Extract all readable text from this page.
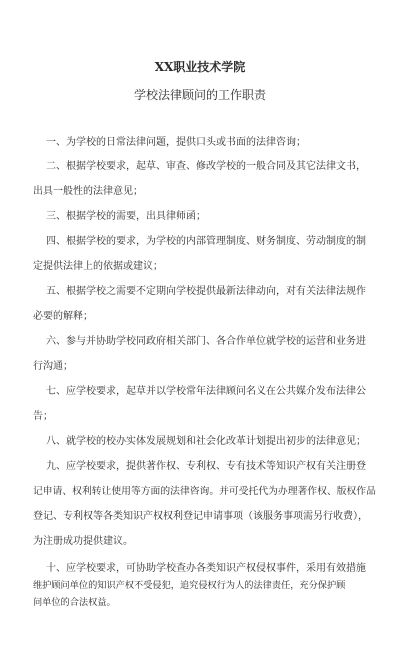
XX职业技术学院
学校法律顾问的工作职责
一、为学校的日常法律问题，提供口头或书面的法律咨询；
二、根据学校要求，起草、审查、修改学校的一般合同及其它法律文书，
出具一般性的法律意见；
三、根据学校的需要，出具律师函；
四、根据学校的要求，为学校的内部管理制度、财务制度、劳动制度的制
定提供法律上的依据或建议；
五、根据学校之需要不定期向学校提供最新法律动向，对有关法律法规作
必要的解释；
六、参与并协助学校同政府相关部门、各合作单位就学校的运营和业务进
行沟通；
七、应学校要求，起草并以学校常年法律顾问名义在公共媒介发布法律公
告；
八、就学校的校办实体发展规划和社会化改革计划提出初步的法律意见；
九、应学校要求，提供著作权、专利权、专有技术等知识产权有关注册登
记申请、权利转让使用等方面的法律咨询。并可受托代为办理著作权、版权作品
登记、专利权等各类知识产权权利登记申请事项（该服务事项需另行收费），
为注册成功提供建议。
十、应学校要求，可协助学校查办各类知识产权侵权事件，采用有效措施
维护顾问单位的知识产权不受侵犯，追究侵权行为人的法律责任，充分保护顾
问单位的合法权益。
